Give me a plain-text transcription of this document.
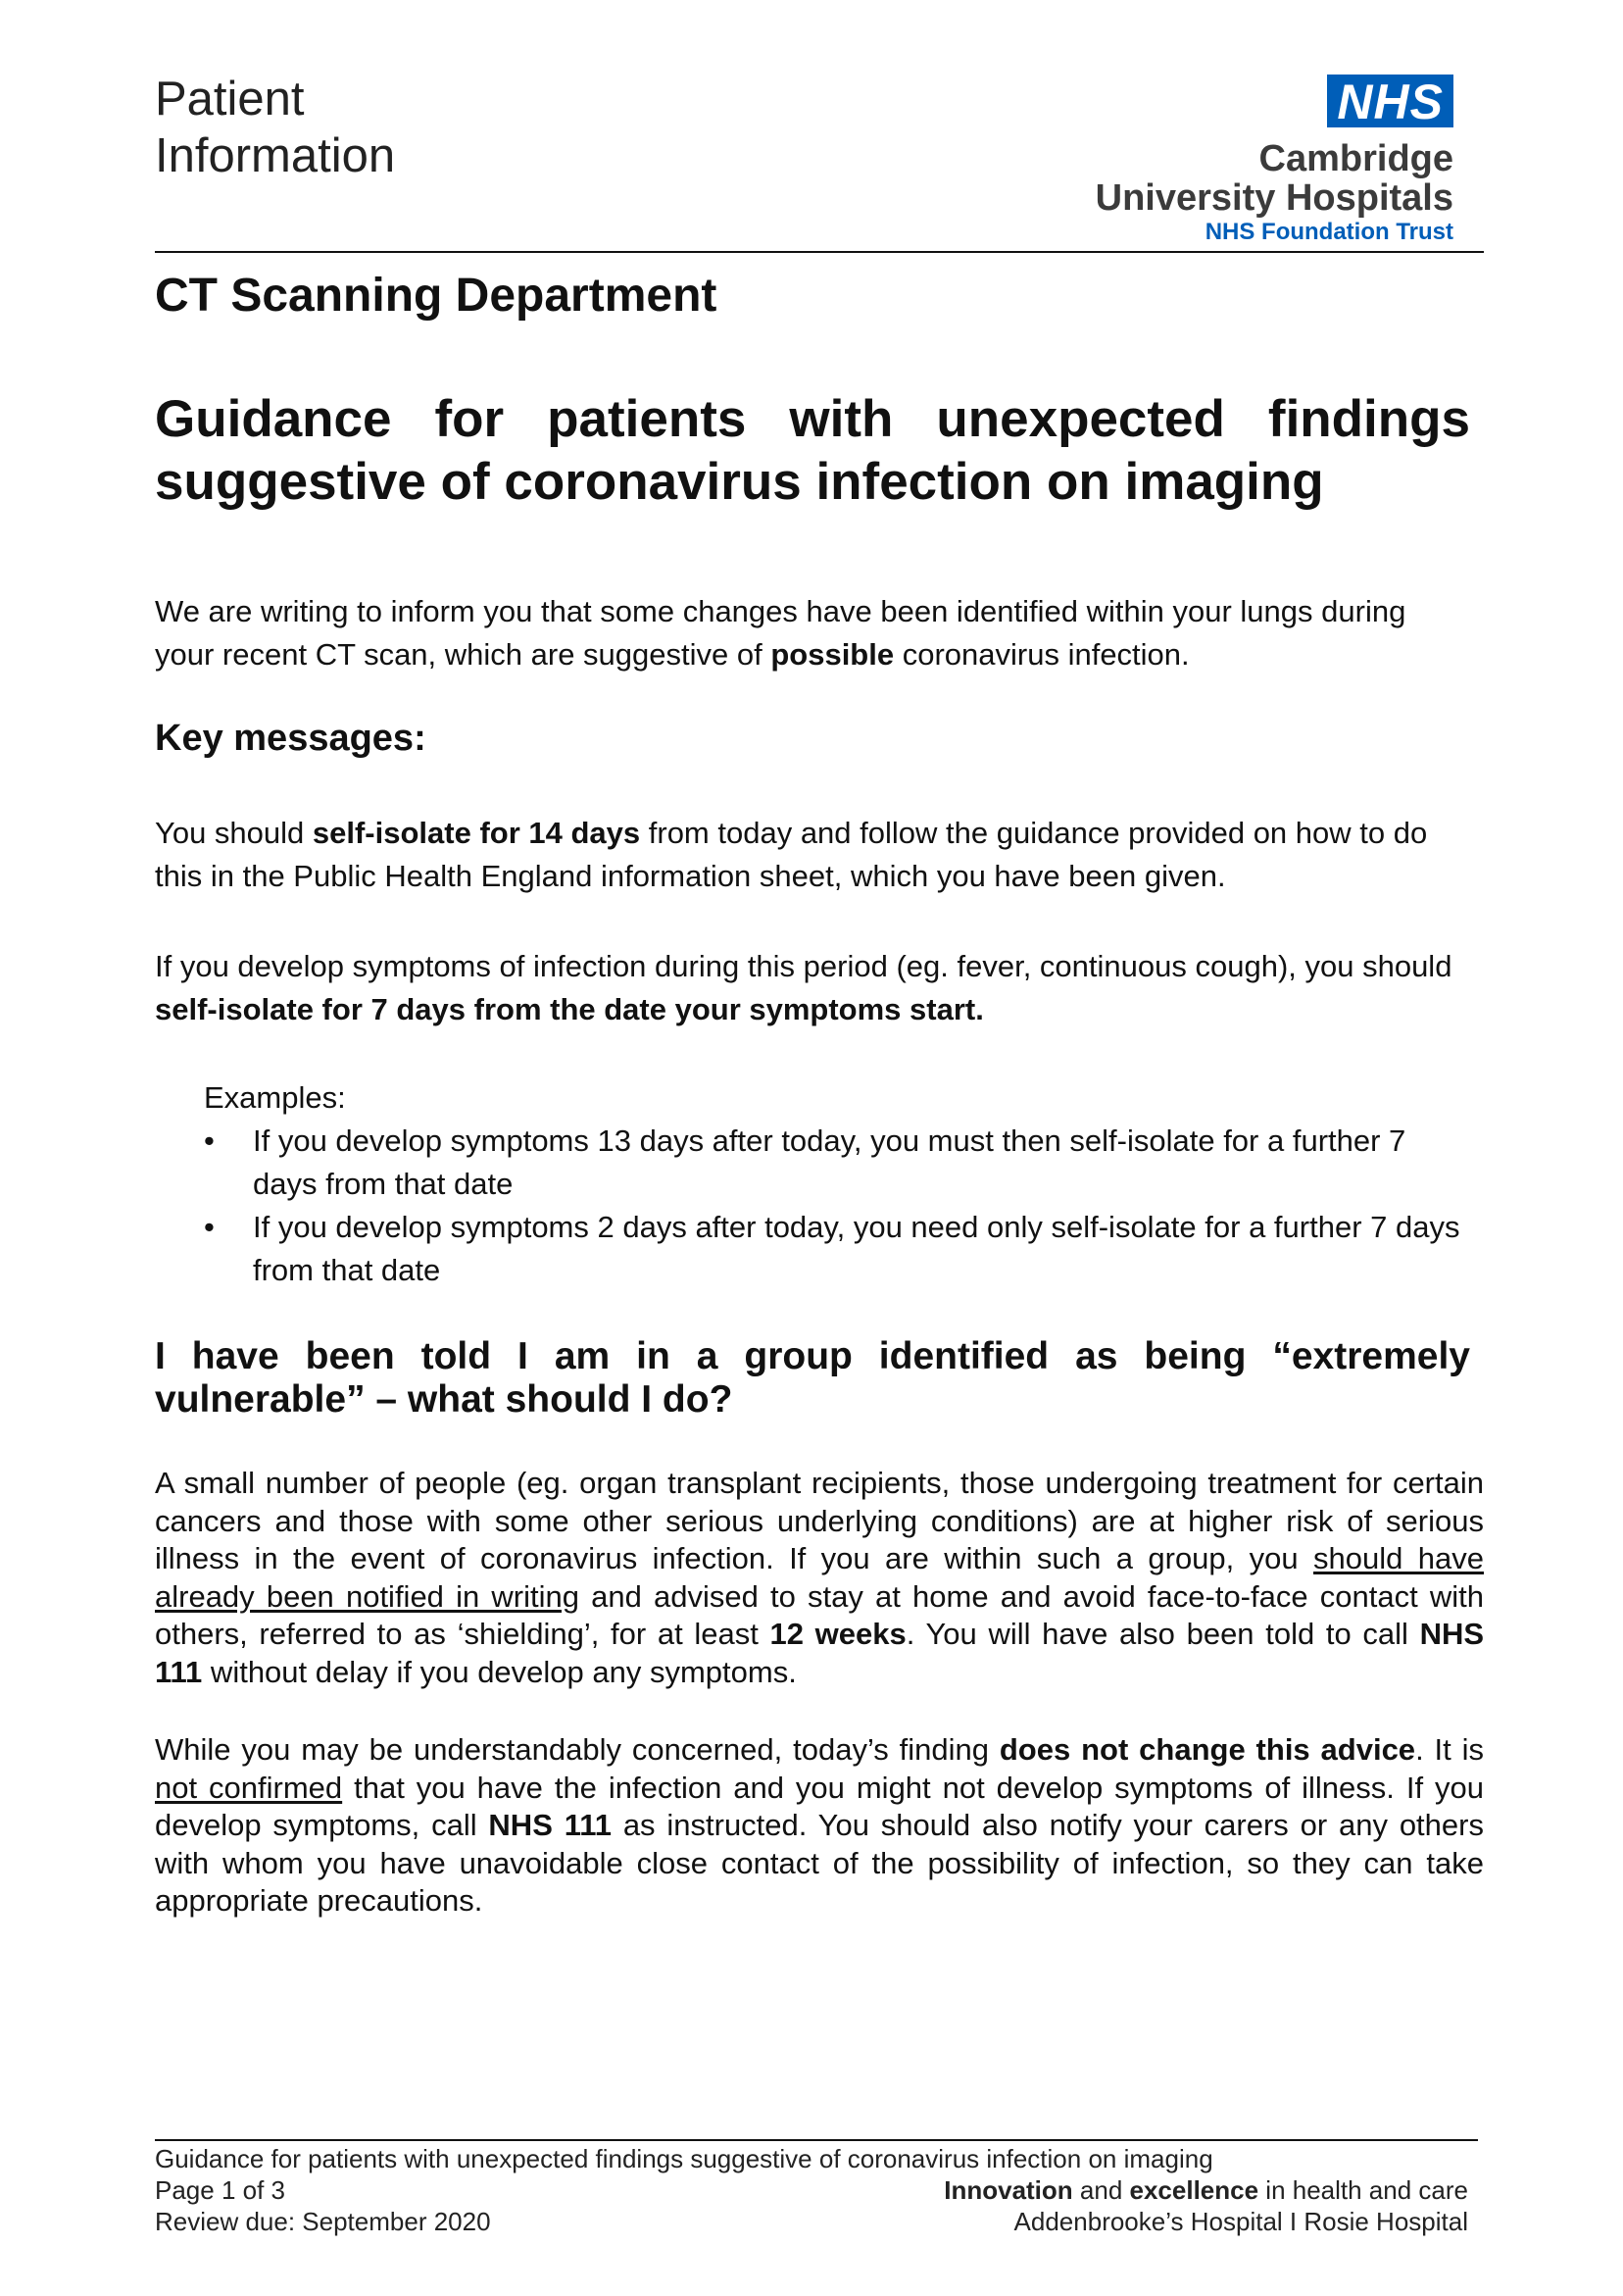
Patient
Information
NHS
Cambridge
University Hospitals
NHS Foundation Trust
CT Scanning Department
Guidance for patients with unexpected findings suggestive of coronavirus infection on imaging
We are writing to inform you that some changes have been identified within your lungs during your recent CT scan, which are suggestive of possible coronavirus infection.
Key messages:
You should self-isolate for 14 days from today and follow the guidance provided on how to do this in the Public Health England information sheet, which you have been given.
If you develop symptoms of infection during this period (eg. fever, continuous cough), you should self-isolate for 7 days from the date your symptoms start.
Examples:
• If you develop symptoms 13 days after today, you must then self-isolate for a further 7 days from that date
• If you develop symptoms 2 days after today, you need only self-isolate for a further 7 days from that date
I have been told I am in a group identified as being “extremely vulnerable” – what should I do?
A small number of people (eg. organ transplant recipients, those undergoing treatment for certain cancers and those with some other serious underlying conditions) are at higher risk of serious illness in the event of coronavirus infection. If you are within such a group, you should have already been notified in writing and advised to stay at home and avoid face-to-face contact with others, referred to as ‘shielding’, for at least 12 weeks. You will have also been told to call NHS 111 without delay if you develop any symptoms.
While you may be understandably concerned, today’s finding does not change this advice. It is not confirmed that you have the infection and you might not develop symptoms of illness. If you develop symptoms, call NHS 111 as instructed. You should also notify your carers or any others with whom you have unavoidable close contact of the possibility of infection, so they can take appropriate precautions.
Guidance for patients with unexpected findings suggestive of coronavirus infection on imaging
Page 1 of 3	Innovation and excellence in health and care
Review due: September 2020	Addenbrooke’s Hospital I Rosie Hospital
